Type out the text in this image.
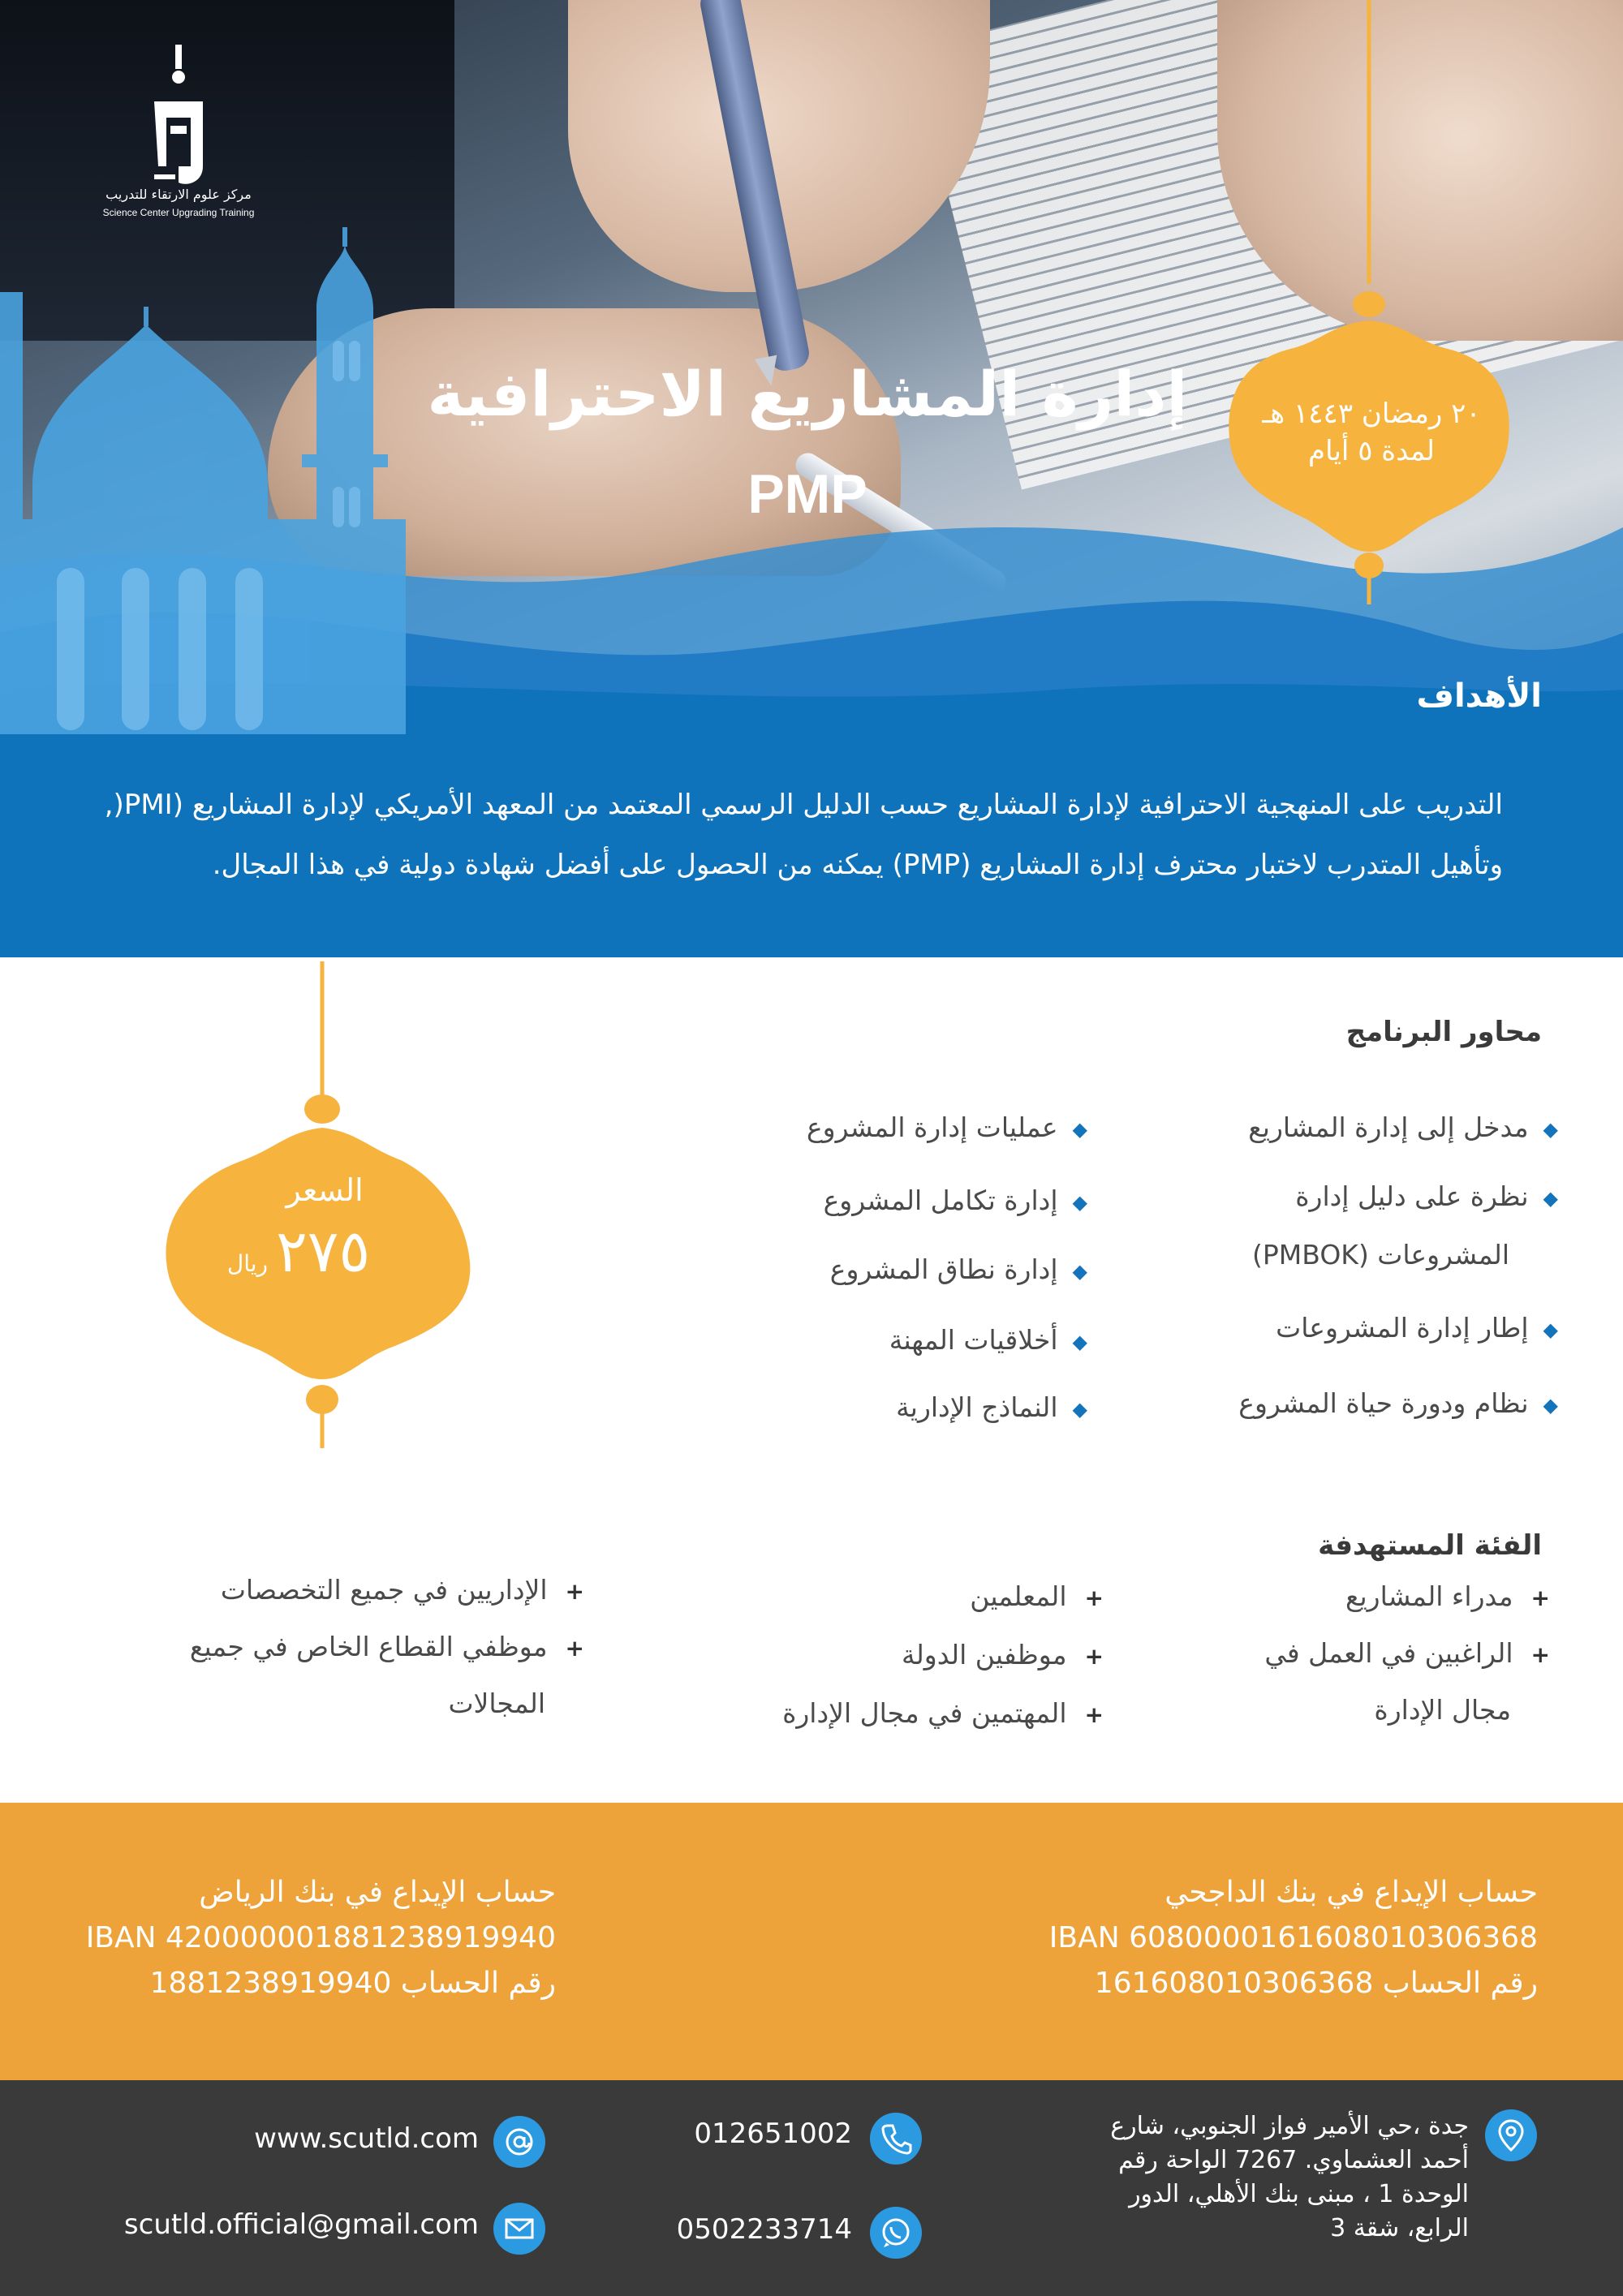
٢٠ رمضان ١٤٤٣ هـ
لمدة ٥ أيام
مركز علوم الارتقاء للتدريب
Science Center Upgrading Training
إدارة المشاريع الاحترافية
PMP
الأهداف
التدريب على المنهجية الاحترافية لإدارة المشاريع حسب الدليل الرسمي المعتمد من المعهد الأمريكي لإدارة المشاريع (PMI(, وتأهيل المتدرب لاختبار محترف إدارة المشاريع (PMP) يمكنه من الحصول على أفضل شهادة دولية في هذا المجال.
محاور البرنامج
◆مدخل إلى إدارة المشاريع
◆نظرة على دليل إدارة
المشروعات (PMBOK)
◆إطار إدارة المشروعات
◆نظام ودورة حياة المشروع
◆عمليات إدارة المشروع
◆إدارة تكامل المشروع
◆إدارة نطاق المشروع
◆أخلاقيات المهنة
◆النماذج الإدارية
السعر
٢٧٥ريال
الفئة المستهدفة
+مدراء المشاريع
+الراغبين في العمل في
مجال الإدارة
+المعلمين
+موظفين الدولة
+المهتمين في مجال الإدارة
+الإداريين في جميع التخصصات
+موظفي القطاع الخاص في جميع
المجالات
حساب الإيداع في بنك الداجحي
IBAN 6080000161608010306368
رقم الحساب 161608010306368
حساب الإيداع في بنك الرياض
IBAN 420000001881238919940
رقم الحساب 1881238919940
جدة ،حي الأمير فواز الجنوبي، شارع
أحمد العشماوي. 7267 الواحة رقم
الوحدة 1 ، مبنى بنك الأهلي، الدور
الرابع، شقة 3
012651002
0502233714
www.scutld.com
scutld.official@gmail.com
